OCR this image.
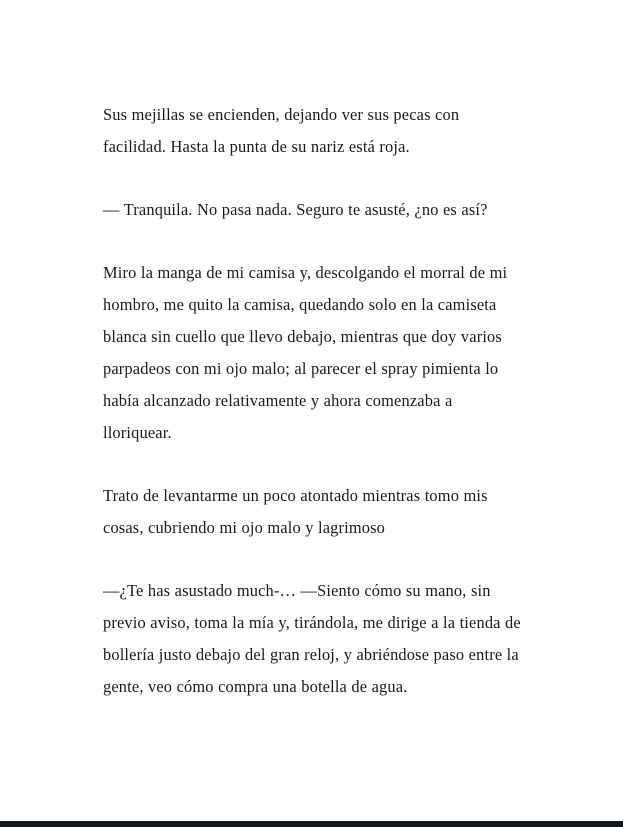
Sus mejillas se encienden, dejando ver sus pecas con facilidad. Hasta la punta de su nariz está roja.

— Tranquila. No pasa nada. Seguro te asusté, ¿no es así?

Miro la manga de mi camisa y, descolgando el morral de mi hombro, me quito la camisa, quedando solo en la camiseta blanca sin cuello que llevo debajo, mientras que doy varios parpadeos con mi ojo malo; al parecer el spray pimienta lo había alcanzado relativamente y ahora comenzaba a lloriquear.

Trato de levantarme un poco atontado mientras tomo mis cosas, cubriendo mi ojo malo y lagrimoso

—¿Te has asustado much-… —Siento cómo su mano, sin previo aviso, toma la mía y, tirándola, me dirige a la tienda de bollería justo debajo del gran reloj, y abriéndose paso entre la gente, veo cómo compra una botella de agua.
